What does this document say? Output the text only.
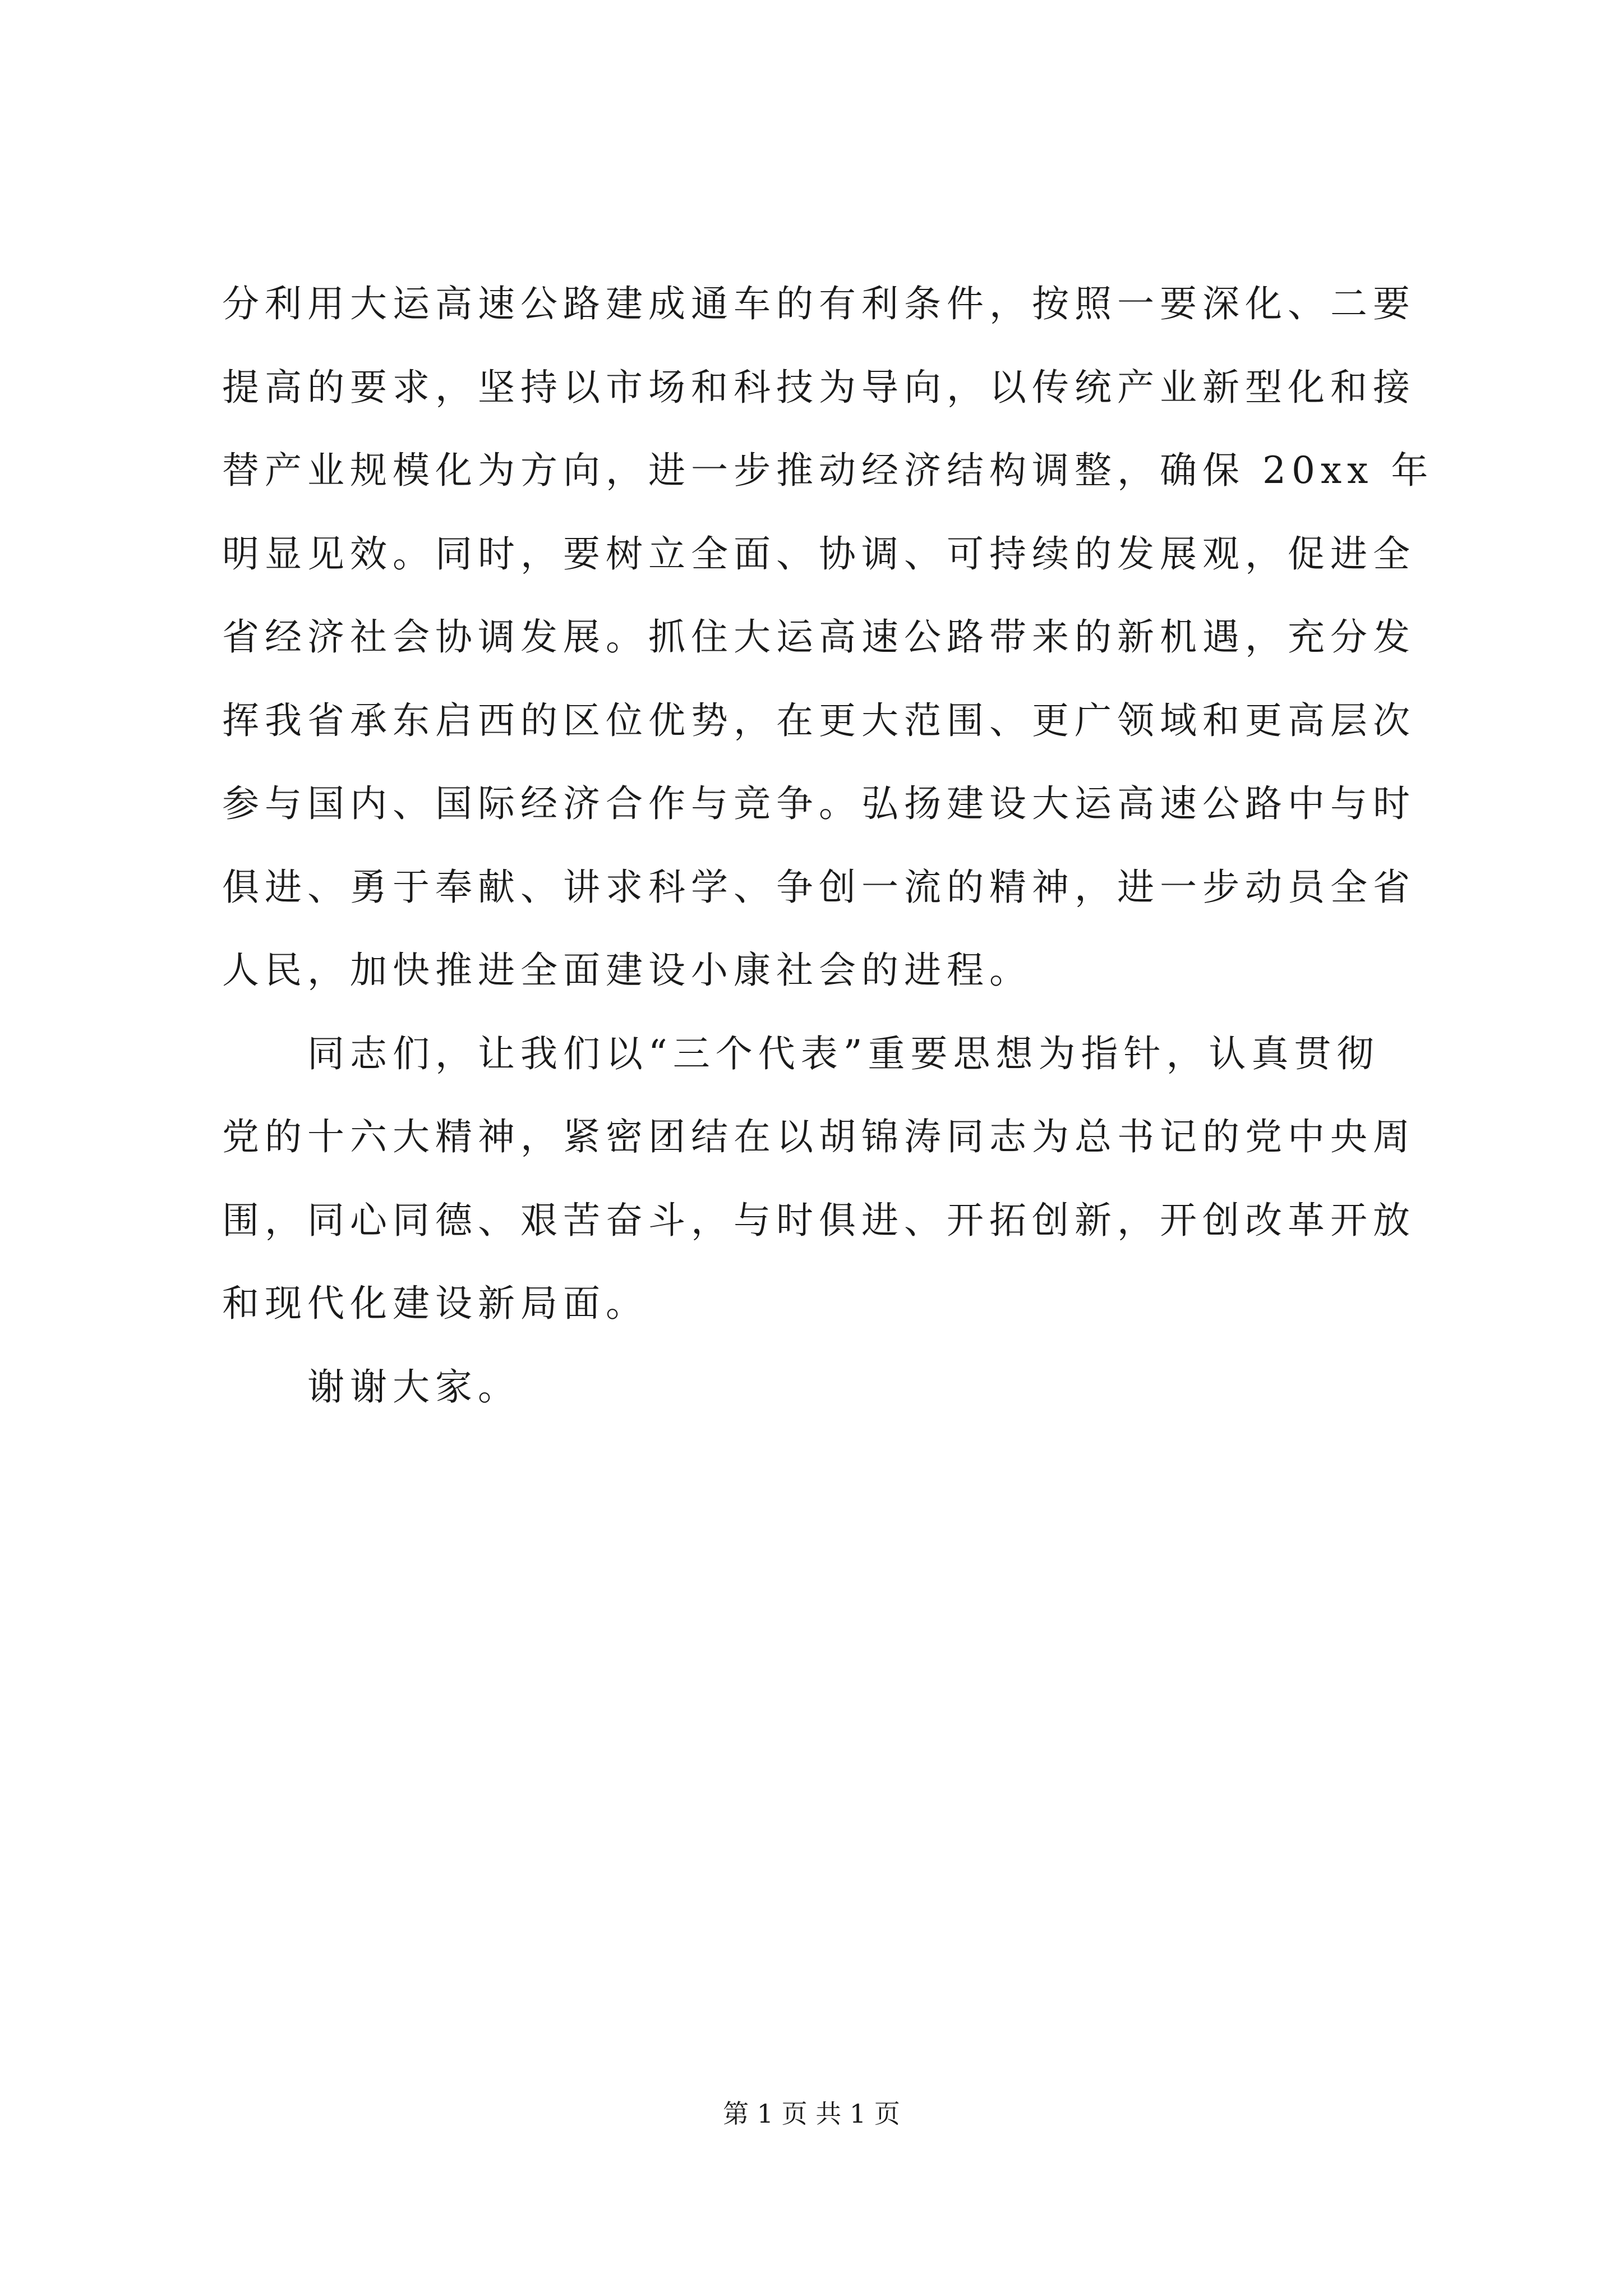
分利用大运高速公路建成通车的有利条件，按照一要深化、二要
提高的要求，坚持以市场和科技为导向，以传统产业新型化和接
替产业规模化为方向，进一步推动经济结构调整，确保 20xx 年
明显见效。同时，要树立全面、协调、可持续的发展观，促进全
省经济社会协调发展。抓住大运高速公路带来的新机遇，充分发
挥我省承东启西的区位优势，在更大范围、更广领域和更高层次
参与国内、国际经济合作与竞争。弘扬建设大运高速公路中与时
俱进、勇于奉献、讲求科学、争创一流的精神，进一步动员全省
人民，加快推进全面建设小康社会的进程。
同志们，让我们以“三个代表”重要思想为指针，认真贯彻
党的十六大精神，紧密团结在以胡锦涛同志为总书记的党中央周
围，同心同德、艰苦奋斗，与时俱进、开拓创新，开创改革开放
和现代化建设新局面。
谢谢大家。
第 1 页 共 1 页
